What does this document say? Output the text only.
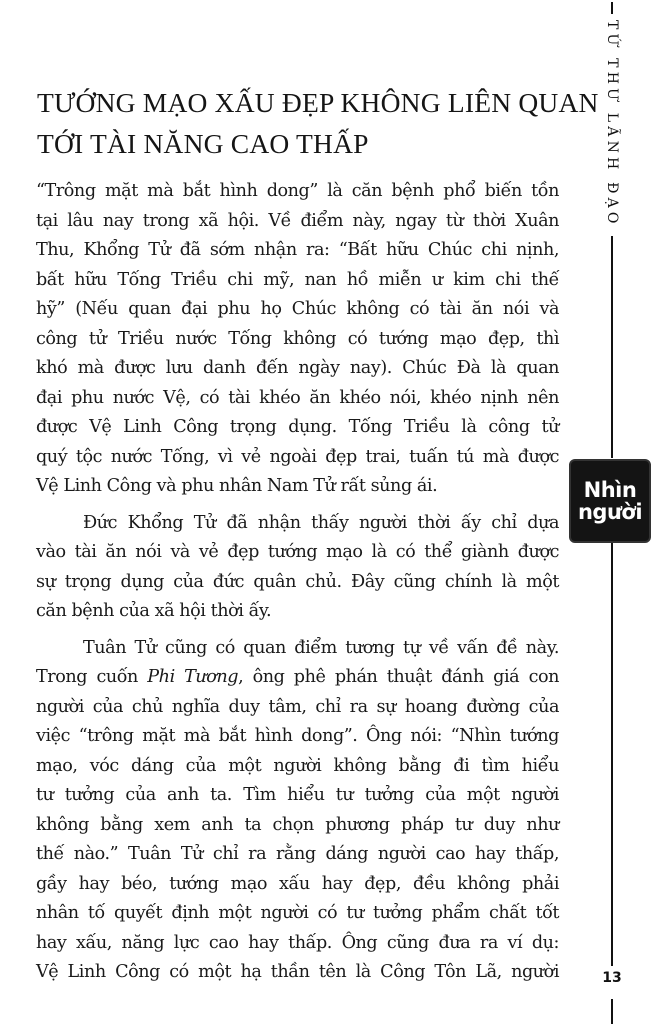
TỨ THƯ LÃNH ĐẠO
Nhìn
người
13
TƯỚNG MẠO XẤU ĐẸP KHÔNG LIÊN QUAN
TỚI TÀI NĂNG CAO THẤP

“Trông mặt mà bắt hình dong” là căn bệnh phổ biến tồn
tại lâu nay trong xã hội. Về điểm này, ngay từ thời Xuân
Thu, Khổng Tử đã sớm nhận ra: “Bất hữu Chúc chi nịnh,
bất hữu Tống Triều chi mỹ, nan hồ miễn ư kim chi thế
hỹ” (Nếu quan đại phu họ Chúc không có tài ăn nói và
công tử Triều nước Tống không có tướng mạo đẹp, thì
khó mà được lưu danh đến ngày nay). Chúc Đà là quan
đại phu nước Vệ, có tài khéo ăn khéo nói, khéo nịnh nên
được Vệ Linh Công trọng dụng. Tống Triều là công tử
quý tộc nước Tống, vì vẻ ngoài đẹp trai, tuấn tú mà được
Vệ Linh Công và phu nhân Nam Tử rất sủng ái.

Đức Khổng Tử đã nhận thấy người thời ấy chỉ dựa
vào tài ăn nói và vẻ đẹp tướng mạo là có thể giành được
sự trọng dụng của đức quân chủ. Đây cũng chính là một
căn bệnh của xã hội thời ấy.

Tuân Tử cũng có quan điểm tương tự về vấn đề này.
Trong cuốn Phi Tương, ông phê phán thuật đánh giá con
người của chủ nghĩa duy tâm, chỉ ra sự hoang đường của
việc “trông mặt mà bắt hình dong”. Ông nói: “Nhìn tướng
mạo, vóc dáng của một người không bằng đi tìm hiểu
tư tưởng của anh ta. Tìm hiểu tư tưởng của một người
không bằng xem anh ta chọn phương pháp tư duy như
thế nào.” Tuân Tử chỉ ra rằng dáng người cao hay thấp,
gầy hay béo, tướng mạo xấu hay đẹp, đều không phải
nhân tố quyết định một người có tư tưởng phẩm chất tốt
hay xấu, năng lực cao hay thấp. Ông cũng đưa ra ví dụ:
Vệ Linh Công có một hạ thần tên là Công Tôn Lã, người
